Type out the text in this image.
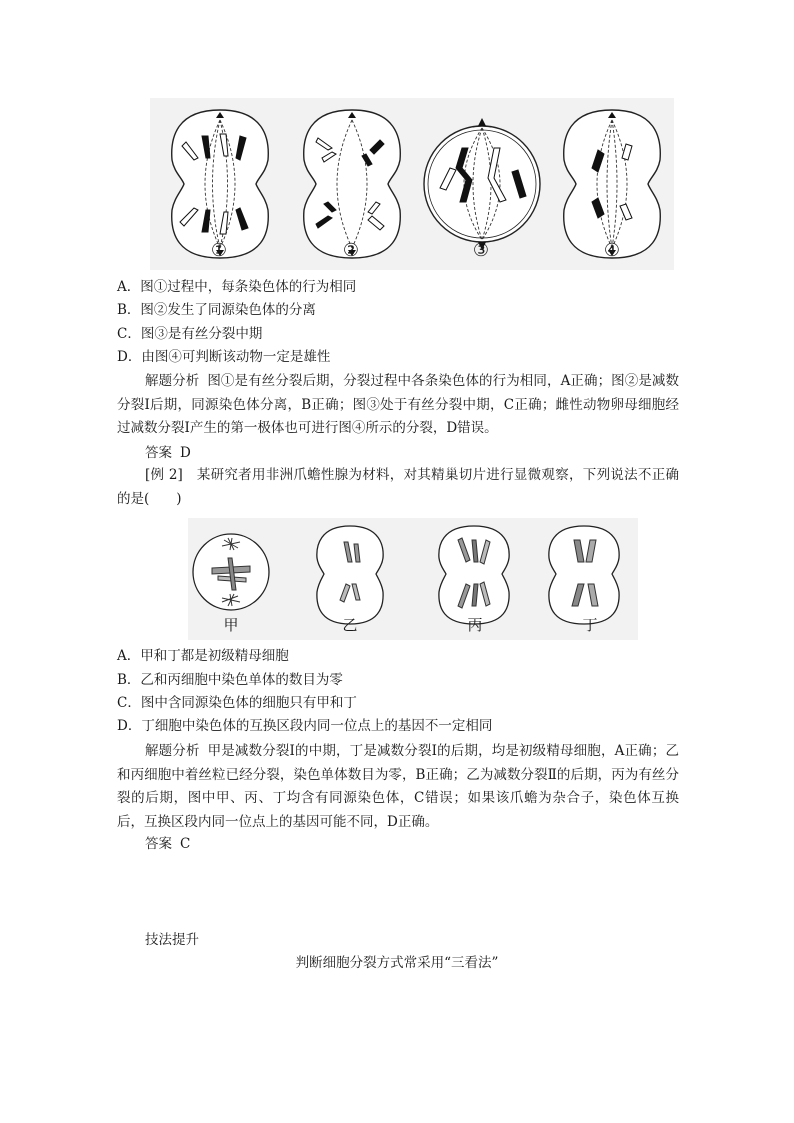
①	②	③	④
A．图①过程中，每条染色体的行为相同
B．图②发生了同源染色体的分离
C．图③是有丝分裂中期
D．由图④可判断该动物一定是雄性
解题分析 图①是有丝分裂后期，分裂过程中各条染色体的行为相同，A正确；图②是减数分裂Ⅰ后期，同源染色体分离，B正确；图③处于有丝分裂中期，C正确；雌性动物卵母细胞经过减数分裂Ⅰ产生的第一极体也可进行图④所示的分裂，D错误。
答案 D
[例 2]　某研究者用非洲爪蟾性腺为材料，对其精巢切片进行显微观察，下列说法不正确的是(　　)
甲	乙	丙	丁
A．甲和丁都是初级精母细胞
B．乙和丙细胞中染色单体的数目为零
C．图中含同源染色体的细胞只有甲和丁
D．丁细胞中染色体的互换区段内同一位点上的基因不一定相同
解题分析 甲是减数分裂Ⅰ的中期，丁是减数分裂Ⅰ的后期，均是初级精母细胞，A正确；乙和丙细胞中着丝粒已经分裂，染色单体数目为零，B正确；乙为减数分裂Ⅱ的后期，丙为有丝分裂的后期，图中甲、丙、丁均含有同源染色体，C错误；如果该爪蟾为杂合子，染色体互换后，互换区段内同一位点上的基因可能不同，D正确。
答案 C
技法提升
判断细胞分裂方式常采用“三看法”
